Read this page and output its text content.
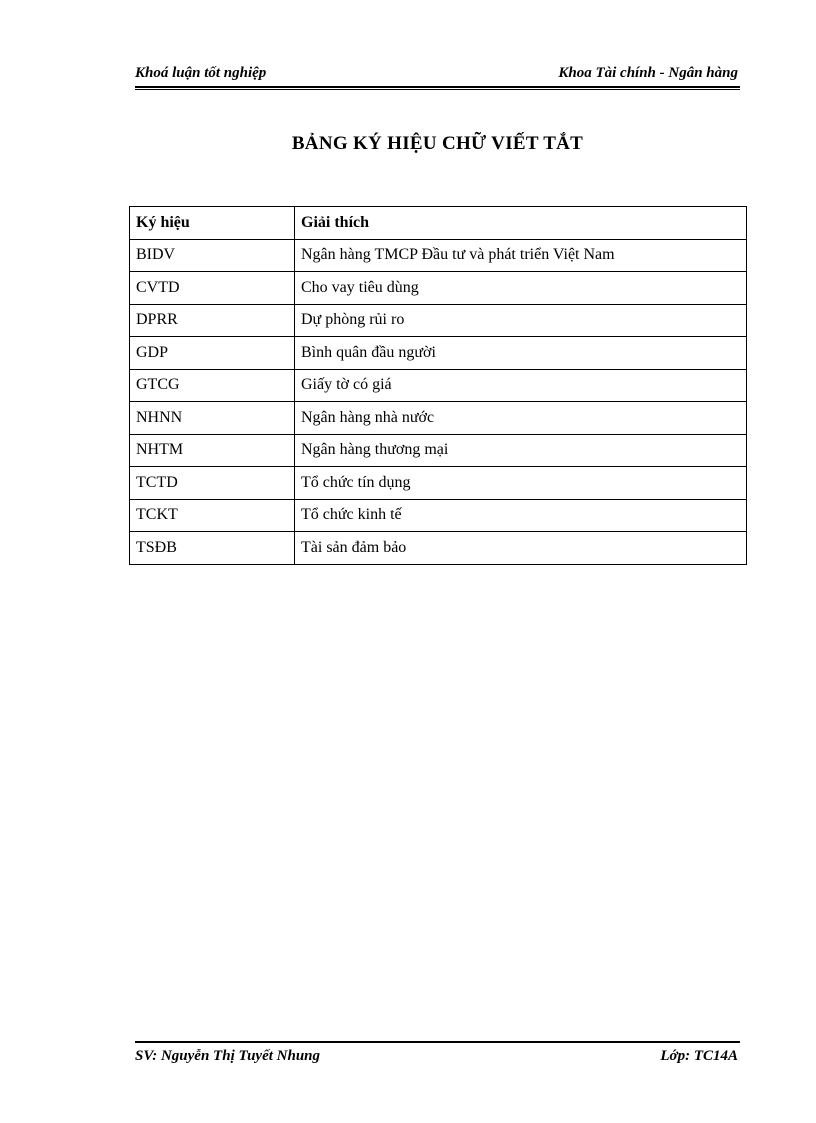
Khoá luận tốt nghiệp	Khoa Tài chính - Ngân hàng
BẢNG KÝ HIỆU CHỮ VIẾT TẮT
Ký hiệu	Giải thích
BIDV	Ngân hàng TMCP Đầu tư và phát triển Việt Nam
CVTD	Cho vay tiêu dùng
DPRR	Dự phòng rủi ro
GDP	Bình quân đầu người
GTCG	Giấy tờ có giá
NHNN	Ngân hàng nhà nước
NHTM	Ngân hàng thương mại
TCTD	Tổ chức tín dụng
TCKT	Tổ chức kinh tế
TSĐB	Tài sản đảm bảo
SV: Nguyễn Thị Tuyết Nhung	Lớp: TC14A
